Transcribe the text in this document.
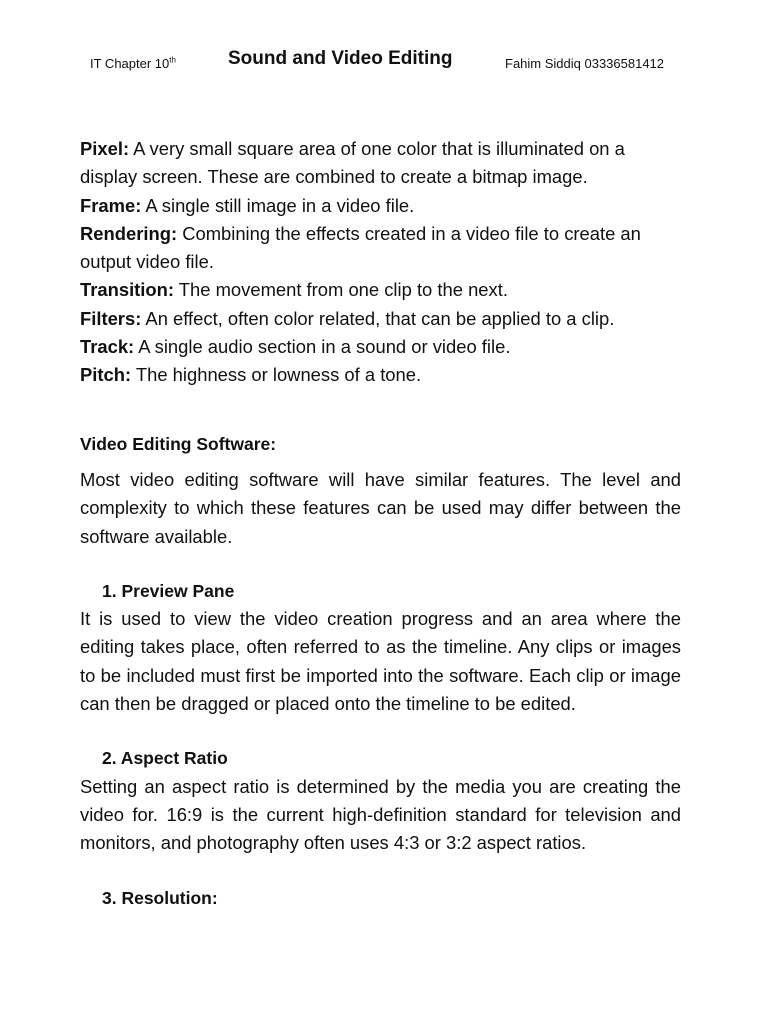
IT Chapter 10th	Sound and Video Editing	Fahim Siddiq 03336581412

Pixel: A very small square area of one color that is illuminated on a display screen. These are combined to create a bitmap image.

Frame: A single still image in a video file.

Rendering: Combining the effects created in a video file to create an output video file.

Transition: The movement from one clip to the next.

Filters: An effect, often color related, that can be applied to a clip.

Track: A single audio section in a sound or video file.

Pitch: The highness or lowness of a tone.

Video Editing Software:

Most video editing software will have similar features. The level and complexity to which these features can be used may differ between the software available.

1. Preview Pane

It is used to view the video creation progress and an area where the editing takes place, often referred to as the timeline. Any clips or images to be included must first be imported into the software. Each clip or image can then be dragged or placed onto the timeline to be edited.

2. Aspect Ratio

Setting an aspect ratio is determined by the media you are creating the video for. 16:9 is the current high-definition standard for television and monitors, and photography often uses 4:3 or 3:2 aspect ratios.

3. Resolution:
